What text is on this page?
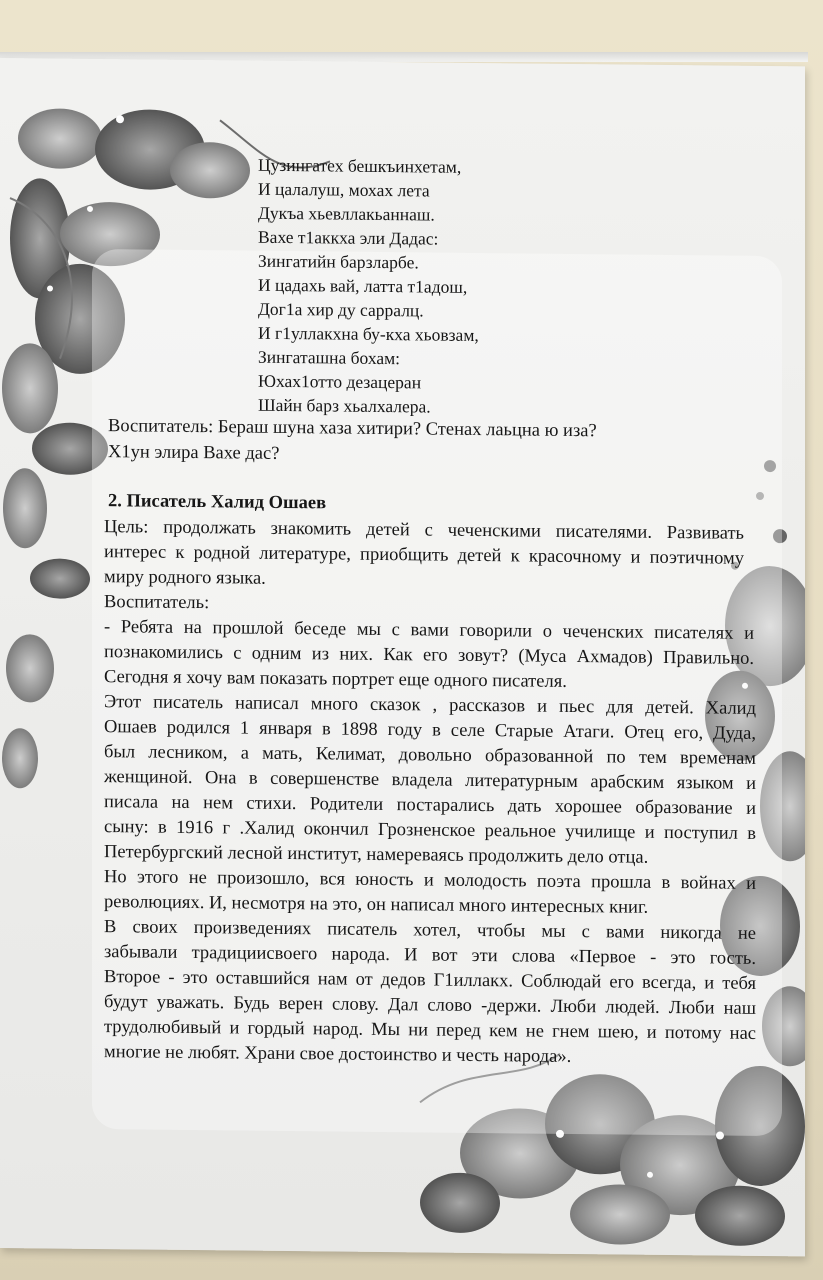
Цузингатех бешкъинхетам,
И цалалуш, мохах лета
Дукъа хьевллакьаннаш.
Вахе т1аккха эли Дадас:
Зингатийн барзларбе.
И цадахь вай, латта т1адош,
Дог1а хир ду сарралц.
И г1уллакхна бу-кха хьовзам,
Зингаташна бохам:
Юхах1отто дезацеран
Шайн барз хьалхалера.
Воспитатель: Бераш шуна хаза хитири? Стенах лаьцна ю иза?
Х1ун элира Вахе дас?
2. Писатель Халид Ошаев
Цель: продолжать знакомить детей с чеченскими писателями. Развивать
интерес к родной литературе, приобщить детей к красочному и поэтичному
миру родного языка.
Воспитатель:
- Ребята на прошлой беседе мы с вами говорили о чеченских писателях и
познакомились с одним из них. Как его зовут? (Муса Ахмадов) Правильно.
Сегодня я хочу вам показать портрет еще одного писателя.
Этот писатель написал много сказок , рассказов и пьес для детей. Халид
Ошаев родился 1 января в 1898 году в селе Старые Атаги. Отец его, Дуда,
был лесником, а мать, Келимат, довольно образованной по тем временам
женщиной. Она в совершенстве владела литературным арабским языком и
писала на нем стихи. Родители постарались дать хорошее образование и
сыну: в 1916 г .Халид окончил Грозненское реальное училище и поступил в
Петербургский лесной институт, намереваясь продолжить дело отца.
Но этого не произошло, вся юность и молодость поэта прошла в войнах и
революциях. И, несмотря на это, он написал много интересных книг.
В своих произведениях писатель хотел, чтобы мы с вами никогда не
забывали традициисвоего народа. И вот эти слова «Первое - это гость.
Второе - это оставшийся нам от дедов Г1иллакх. Соблюдай его всегда, и тебя
будут уважать. Будь верен слову. Дал слово -держи. Люби людей. Люби наш
трудолюбивый и гордый народ. Мы ни перед кем не гнем шею, и потому нас
многие не любят. Храни свое достоинство и честь народа».
